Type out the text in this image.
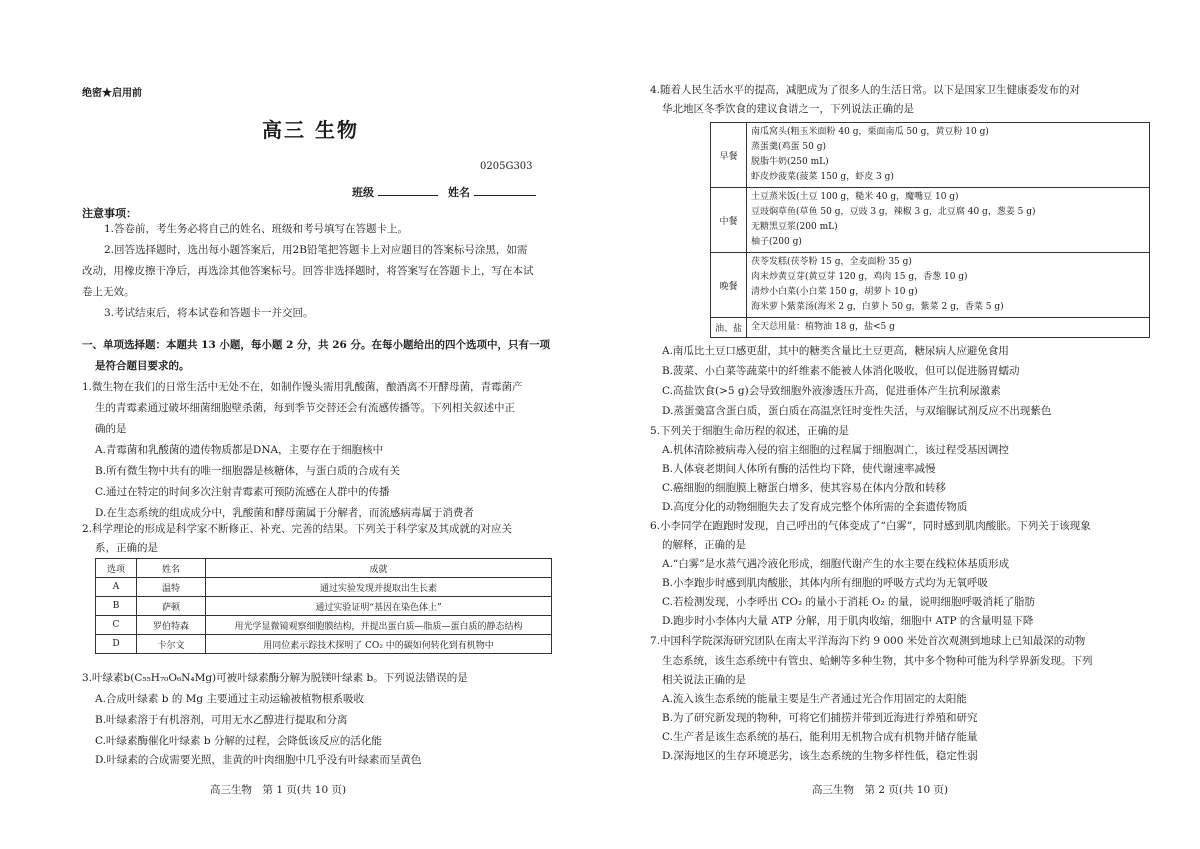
绝密★启用前
高三 生物
0205G303
班级	姓名
注意事项：
1.答卷前，考生务必将自己的姓名、班级和考号填写在答题卡上。
2.回答选择题时，选出每小题答案后，用2B铅笔把答题卡上对应题目的答案标号涂黑，如需
改动，用橡皮擦干净后，再选涂其他答案标号。回答非选择题时，将答案写在答题卡上，写在本试
卷上无效。
3.考试结束后，将本试卷和答题卡一并交回。
一、单项选择题：本题共 13 小题，每小题 2 分，共 26 分。在每小题给出的四个选项中，只有一项
是符合题目要求的。
1.微生物在我们的日常生活中无处不在，如制作馒头需用乳酸菌，酿酒离不开酵母菌，青霉菌产
生的青霉素通过破坏细菌细胞壁杀菌，每到季节交替还会有流感传播等。下列相关叙述中正
确的是
A.青霉菌和乳酸菌的遗传物质都是DNA，主要存在于细胞核中
B.所有微生物中共有的唯一细胞器是核糖体，与蛋白质的合成有关
C.通过在特定的时间多次注射青霉素可预防流感在人群中的传播
D.在生态系统的组成成分中，乳酸菌和酵母菌属于分解者，而流感病毒属于消费者
2.科学理论的形成是科学家不断修正、补充、完善的结果。下列关于科学家及其成就的对应关
系，正确的是
选项	姓名	成就
A	温特	通过实验发现并提取出生长素
B	萨顿	通过实验证明“基因在染色体上”
C	罗伯特森	用光学显微镜观察细胞膜结构，并提出蛋白质—脂质—蛋白质的静态结构
D	卡尔文	用同位素示踪技术探明了 CO₂ 中的碳如何转化到有机物中
3.叶绿素b(C₅₅H₇₀O₆N₄Mg)可被叶绿素酶分解为脱镁叶绿素 b。下列说法错误的是
A.合成叶绿素 b 的 Mg 主要通过主动运输被植物根系吸收
B.叶绿素溶于有机溶剂，可用无水乙醇进行提取和分离
C.叶绿素酶催化叶绿素 b 分解的过程，会降低该反应的活化能
D.叶绿素的合成需要光照，韭黄的叶肉细胞中几乎没有叶绿素而呈黄色
高三生物　第 1 页(共 10 页)
4.随着人民生活水平的提高，减肥成为了很多人的生活日常。以下是国家卫生健康委发布的对
华北地区冬季饮食的建议食谱之一，下列说法正确的是
早餐	南瓜窝头(粗玉米面粉 40 g，栗面南瓜 50 g，黄豆粉 10 g)
蒸蛋羹(鸡蛋 50 g)
脱脂牛奶(250 mL)
虾皮炒菠菜(菠菜 150 g，虾皮 3 g)

中餐	土豆蒸米饭(土豆 100 g，糙米 40 g，魔嘴豆 10 g)
豆豉焖草鱼(草鱼 50 g，豆豉 3 g，辣椒 3 g，北豆腐 40 g，葱姜 5 g)
无糖黑豆浆(200 mL)
柚子(200 g)

晚餐	茯苓发糕(茯苓粉 15 g，全麦面粉 35 g)
肉末炒黄豆芽(黄豆芽 120 g，鸡肉 15 g，香葱 10 g)
清炒小白菜(小白菜 150 g，胡萝卜 10 g)
海米萝卜紫菜汤(海米 2 g，白萝卜 50 g，紫菜 2 g，香菜 5 g)

油、盐	全天总用量：植物油 18 g，盐<5 g
A.南瓜比土豆口感更甜，其中的糖类含量比土豆更高，糖尿病人应避免食用
B.菠菜、小白菜等蔬菜中的纤维素不能被人体消化吸收，但可以促进肠胃蠕动
C.高盐饮食(>5 g)会导致细胞外液渗透压升高，促进垂体产生抗利尿激素
D.蒸蛋羹富含蛋白质，蛋白质在高温烹饪时变性失活，与双缩脲试剂反应不出现紫色
5.下列关于细胞生命历程的叙述，正确的是
A.机体清除被病毒入侵的宿主细胞的过程属于细胞凋亡，该过程受基因调控
B.人体衰老期间人体所有酶的活性均下降，使代谢速率减慢
C.癌细胞的细胞膜上糖蛋白增多，使其容易在体内分散和转移
D.高度分化的动物细胞失去了发育成完整个体所需的全套遗传物质
6.小李同学在跑跑时发现，自己呼出的气体变成了“白雾”，同时感到肌肉酸胀。下列关于该现象
的解释，正确的是
A.“白雾”是水蒸气遇冷液化形成，细胞代谢产生的水主要在线粒体基质形成
B.小李跑步时感到肌肉酸胀，其体内所有细胞的呼吸方式均为无氧呼吸
C.若检测发现，小李呼出 CO₂ 的量小于消耗 O₂ 的量，说明细胞呼吸消耗了脂肪
D.跑步时小李体内大量 ATP 分解，用于肌肉收缩，细胞中 ATP 的含量明显下降
7.中国科学院深海研究团队在南太平洋海沟下约 9 000 米处首次观测到地球上已知最深的动物
生态系统，该生态系统中有管虫、蛤蜊等多种生物，其中多个物种可能为科学界新发现。下列
相关说法正确的是
A.流入该生态系统的能量主要是生产者通过光合作用固定的太阳能
B.为了研究新发现的物种，可将它们捕捞并带到近海进行养殖和研究
C.生产者是该生态系统的基石，能利用无机物合成有机物并储存能量
D.深海地区的生存环境恶劣，该生态系统的生物多样性低，稳定性弱
高三生物　第 2 页(共 10 页)
